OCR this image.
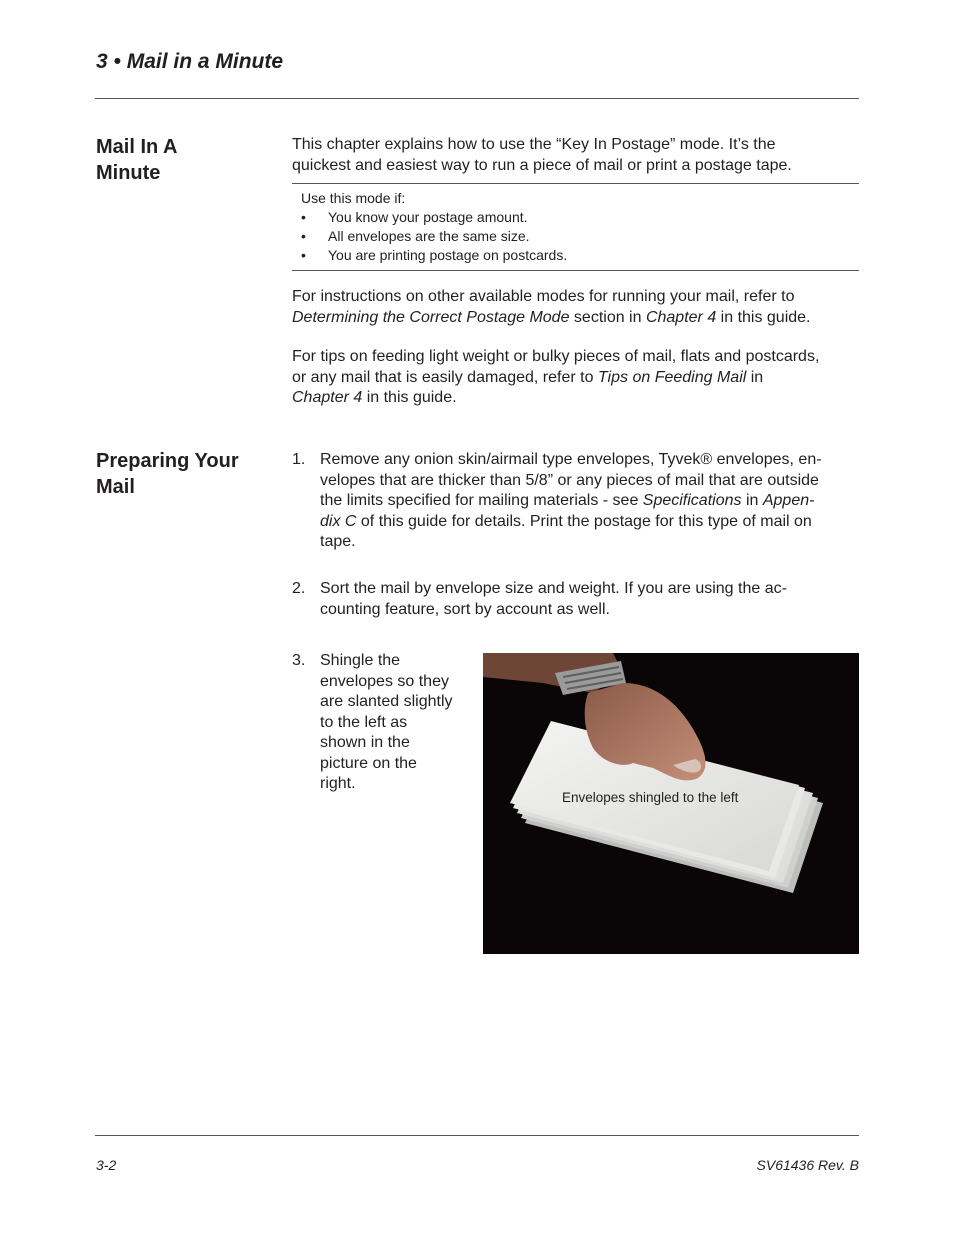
3 • Mail in a Minute
Mail In A
Minute
This chapter explains how to use the “Key In Postage” mode. It’s the
quickest and easiest way to run a piece of mail or print a postage tape.
Use this mode if:
• You know your postage amount.
• All envelopes are the same size.
• You are printing postage on postcards.
For instructions on other available modes for running your mail, refer to
Determining the Correct Postage Mode section in Chapter 4 in this guide.
For tips on feeding light weight or bulky pieces of mail, flats and postcards,
or any mail that is easily damaged, refer to Tips on Feeding Mail in
Chapter 4 in this guide.
Preparing Your
Mail
1. Remove any onion skin/airmail type envelopes, Tyvek® envelopes, en-
velopes that are thicker than 5/8” or any pieces of mail that are outside
the limits specified for mailing materials - see Specifications in Appen-
dix C of this guide for details. Print the postage for this type of mail on
tape.
2. Sort the mail by envelope size and weight. If you are using the ac-
counting feature, sort by account as well.
3. Shingle the
envelopes so they
are slanted slightly
to the left as
shown in the
picture on the
right.
Envelopes shingled to the left
3-2	SV61436 Rev. B
